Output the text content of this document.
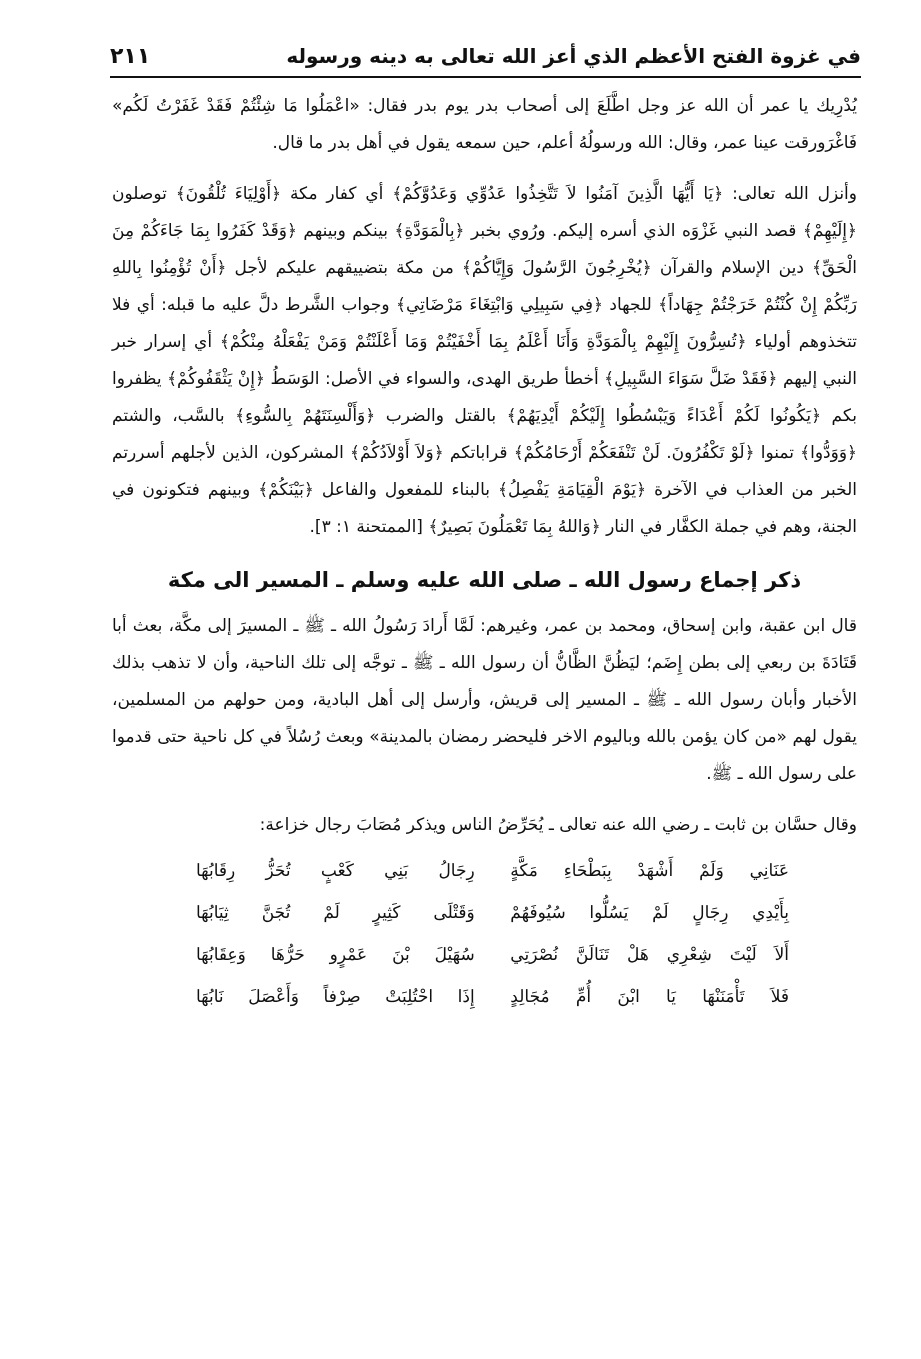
في غزوة الفتح الأعظم الذي أعز الله تعالى به دينه ورسوله
٢١١

يُدْرِيك يا عمر أن الله عز وجل اطَّلَعَ إلى أصحاب بدر يوم بدر فقال: «اعْمَلُوا مَا شِئْتُمْ فَقَدْ غَفَرْتُ لَكُم» فَاغْرَورقت عينا عمر، وقال: الله ورسولُهُ أعلم، حين سمعه يقول في أهل بدر ما قال.

وأنزل الله تعالى: ﴿يَا أَيُّهَا الَّذِينَ آمَنُوا لاَ تَتَّخِذُوا عَدُوِّي وَعَدُوَّكُمْ﴾ أي كفار مكة ﴿أَوْلِيَاءَ تُلْقُونَ﴾ توصلون ﴿إِلَيْهِمْ﴾ قصد النبي غَزْوَه الذي أسره إليكم. ورُوي بخبر ﴿بِالْمَوَدَّةِ﴾ بينكم وبينهم ﴿وَقَدْ كَفَرُوا بِمَا جَاءَكُمْ مِنَ الْحَقِّ﴾ دين الإسلام والقرآن ﴿يُخْرِجُونَ الرَّسُولَ وَإِيَّاكُمْ﴾ من مكة بتضييقهم عليكم لأجل ﴿أَنْ تُؤْمِنُوا بِاللهِ رَبِّكُمْ إِنْ كُنْتُمْ خَرَجْتُمْ جِهَاداً﴾ للجهاد ﴿فِي سَبِيلِي وَابْتِغَاءَ مَرْضَاتِي﴾ وجواب الشَّرط دلَّ عليه ما قبله: أي فلا تتخذوهم أولياء ﴿تُسِرُّونَ إِلَيْهِمْ بِالْمَوَدَّةِ وَأَنَا أَعْلَمُ بِمَا أَخْفَيْتُمْ وَمَا أَعْلَنْتُمْ وَمَنْ يَفْعَلْهُ مِنْكُمْ﴾ أي إسرار خبر النبي إليهم ﴿فَقَدْ ضَلَّ سَوَاءَ السَّبِيلِ﴾ أخطأ طريق الهدى، والسواء في الأصل: الوَسَطُ ﴿إِنْ يَثْقَفُوكُمْ﴾ يظفروا بكم ﴿يَكُونُوا لَكُمْ أَعْدَاءً وَيَبْسُطُوا إِلَيْكُمْ أَيْدِيَهُمْ﴾ بالقتل والضرب ﴿وَأَلْسِنَتَهُمْ بِالسُّوءِ﴾ بالسَّب، والشتم ﴿وَوَدُّوا﴾ تمنوا ﴿لَوْ تَكْفُرُونَ. لَنْ تَنْفَعَكُمْ أَرْحَامُكُمْ﴾ قراباتكم ﴿وَلاَ أَوْلاَدُكُمْ﴾ المشركون، الذين لأجلهم أسررتم الخبر من العذاب في الآخرة ﴿يَوْمَ الْقِيَامَةِ يَفْصِلُ﴾ بالبناء للمفعول والفاعل ﴿بَيْنَكُمْ﴾ وبينهم فتكونون في الجنة، وهم في جملة الكفَّار في النار ﴿وَاللهُ بِمَا تَعْمَلُونَ بَصِيرٌ﴾ [الممتحنة ١: ٣].

ذكر إجماع رسول الله ـ صلى الله عليه وسلم ـ المسير الى مكة

قال ابن عقبة، وابن إسحاق، ومحمد بن عمر، وغيرهم: لَمَّا أَرادَ رَسُولُ الله ـ ﷺ ـ المسيرَ إلى مكَّة، بعث أبا قَتَادَةَ بن ربعي إلى بطن إِضَم؛ ليَظُنَّ الظَّانُّ أن رسول الله ـ ﷺ ـ توجَّه إلى تلك الناحية، وأن لا تذهب بذلك الأخبار وأبان رسول الله ـ ﷺ ـ المسير إلى قريش، وأرسل إلى أهل البادية، ومن حولهم من المسلمين، يقول لهم «من كان يؤمن بالله وباليوم الاخر فليحضر رمضان بالمدينة» وبعث رُسُلاً في كل ناحية حتى قدموا على رسول الله ـ ﷺ.

وقال حسَّان بن ثابت ـ رضي الله عنه تعالى ـ يُحَرِّضُ الناس ويذكر مُصَابَ رجال خزاعة:

عَنَانِي وَلَمْ أَشْهَدْ بِبَطْحَاءِ مَكَّةٍ
رِجَالُ بَنِي كَعْبٍ تُحَزُّ رِقَابُهَا
بِأَيْدِي رِجَالٍ لَمْ يَسُلُّوا سُيُوفَهُمْ
وَقَتْلَى كَثِيرٍ لَمْ تُجَنَّ ثِيَابُهَا
أَلاَ لَيْتَ شِعْرِي هَلْ تَنَالَنَّ نُصْرَتِي
سُهَيْلَ بْنَ عَمْرٍو حَرُّهَا وَعِقَابُهَا
فَلاَ تَأْمَنَنْهَا يَا ابْنَ أُمِّ مُجَالِدٍ
إِذَا احْتُلِبَتْ صِرْفاً وَأَعْصَلَ نَابُهَا
